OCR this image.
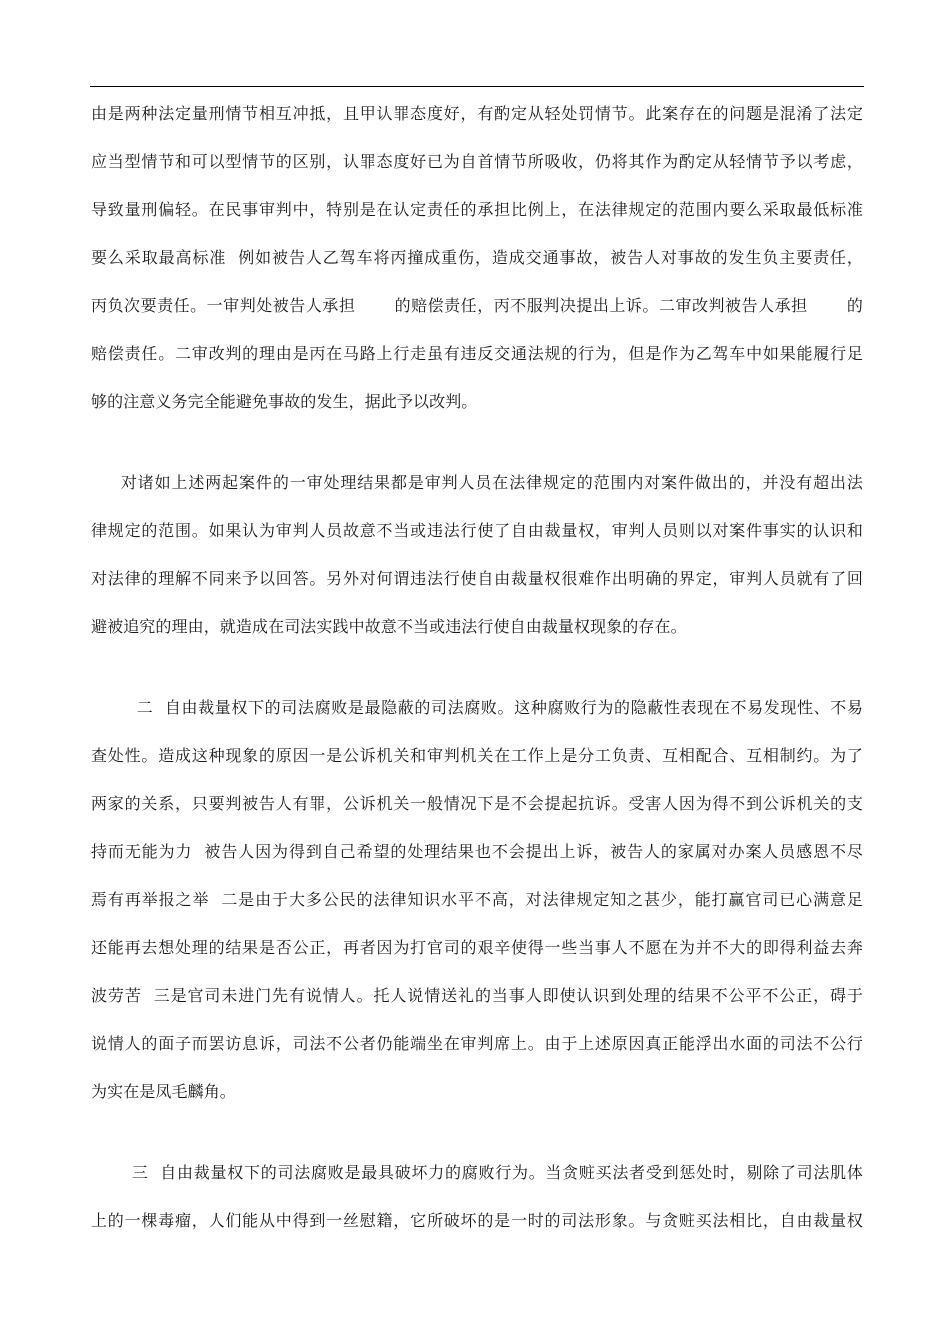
由是两种法定量刑情节相互冲抵，且甲认罪态度好，有酌定从轻处罚情节。此案存在的问题是混淆了法定
应当型情节和可以型情节的区别，认罪态度好已为自首情节所吸收，仍将其作为酌定从轻情节予以考虑，
导致量刑偏轻。在民事审判中，特别是在认定责任的承担比例上，在法律规定的范围内要么采取最低标准
要么采取最高标准  例如被告人乙驾车将丙撞成重伤，造成交通事故，被告人对事故的发生负主要责任，
丙负次要责任。一审判处被告人承担       的赔偿责任，丙不服判决提出上诉。二审改判被告人承担       的
赔偿责任。二审改判的理由是丙在马路上行走虽有违反交通法规的行为，但是作为乙驾车中如果能履行足
够的注意义务完全能避免事故的发生，据此予以改判。
对诸如上述两起案件的一审处理结果都是审判人员在法律规定的范围内对案件做出的，并没有超出法
律规定的范围。如果认为审判人员故意不当或违法行使了自由裁量权，审判人员则以对案件事实的认识和
对法律的理解不同来予以回答。另外对何谓违法行使自由裁量权很难作出明确的界定，审判人员就有了回
避被追究的理由，就造成在司法实践中故意不当或违法行使自由裁量权现象的存在。
二  自由裁量权下的司法腐败是最隐蔽的司法腐败。这种腐败行为的隐蔽性表现在不易发现性、不易
查处性。造成这种现象的原因一是公诉机关和审判机关在工作上是分工负责、互相配合、互相制约。为了
两家的关系，只要判被告人有罪，公诉机关一般情况下是不会提起抗诉。受害人因为得不到公诉机关的支
持而无能为力  被告人因为得到自己希望的处理结果也不会提出上诉，被告人的家属对办案人员感恩不尽
焉有再举报之举  二是由于大多公民的法律知识水平不高，对法律规定知之甚少，能打赢官司已心满意足
还能再去想处理的结果是否公正，再者因为打官司的艰辛使得一些当事人不愿在为并不大的即得利益去奔
波劳苦  三是官司未进门先有说情人。托人说情送礼的当事人即使认识到处理的结果不公平不公正，碍于
说情人的面子而罢访息诉，司法不公者仍能端坐在审判席上。由于上述原因真正能浮出水面的司法不公行
为实在是凤毛麟角。
三  自由裁量权下的司法腐败是最具破坏力的腐败行为。当贪赃买法者受到惩处时，剔除了司法肌体
上的一棵毒瘤，人们能从中得到一丝慰籍，它所破坏的是一时的司法形象。与贪赃买法相比，自由裁量权
